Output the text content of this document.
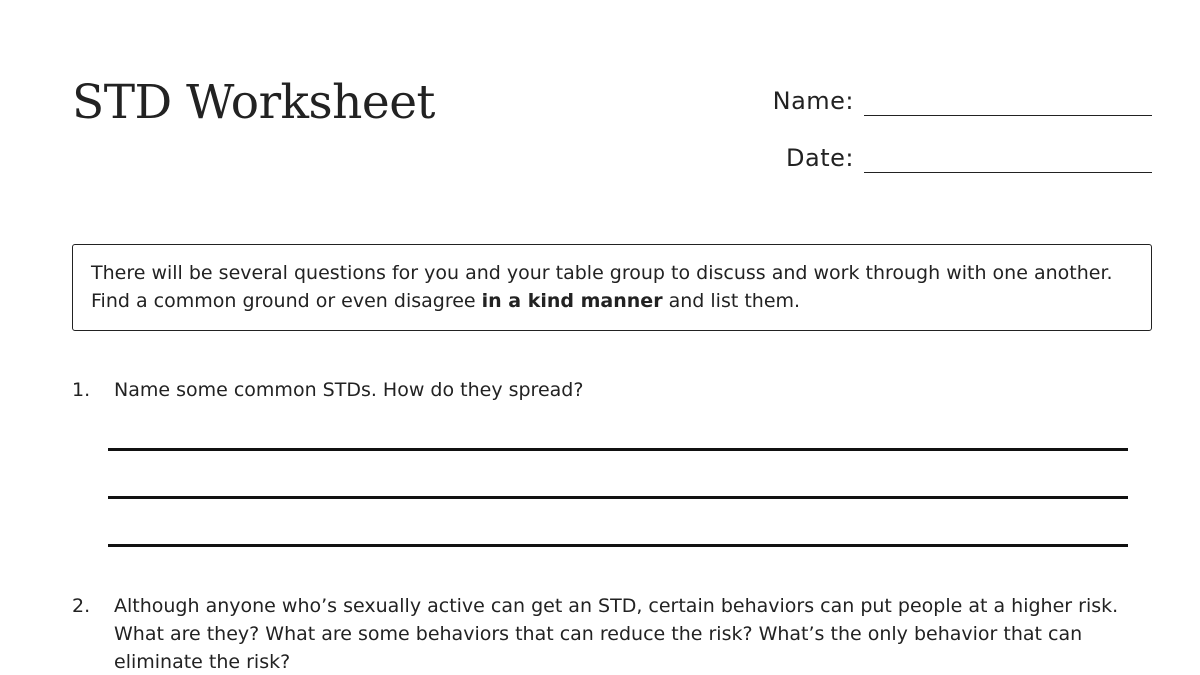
STD Worksheet	Name:
Date:
There will be several questions for you and your table group to discuss and work through with one another. Find a common ground or even disagree in a kind manner and list them.
1.	Name some common STDs. How do they spread?
2.	Although anyone who’s sexually active can get an STD, certain behaviors can put people at a higher risk. What are they? What are some behaviors that can reduce the risk? What’s the only behavior that can eliminate the risk?
